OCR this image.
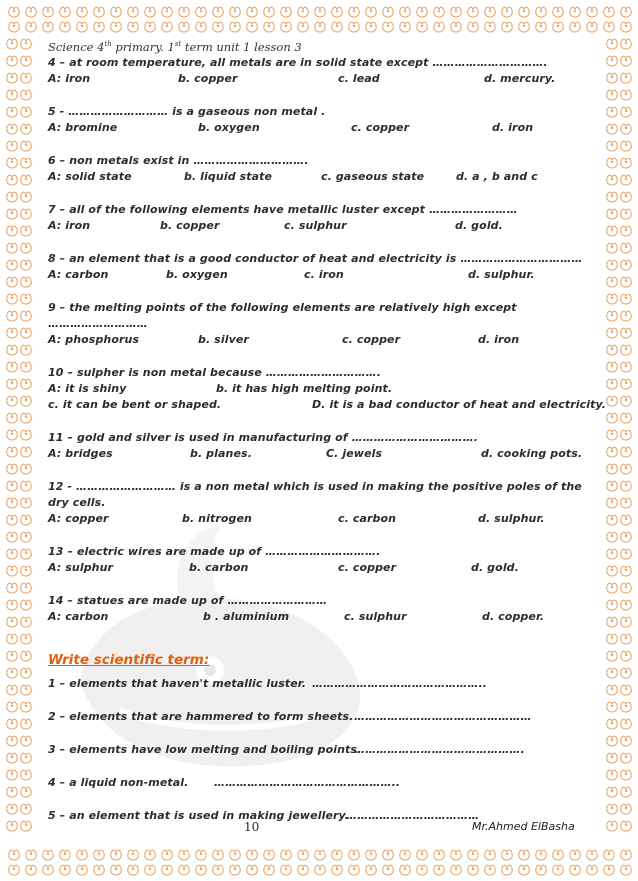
Science 4th primary. 1st term unit 1 lesson 3
4 – at room temperature, all metals are in solid state except ………………………….
A: iron	b. copper	c. lead	d. mercury.
5 - ……………………… is a gaseous non metal .
A: bromine	b. oxygen	c. copper	d. iron
6 – non metals exist in ………………………….
A: solid state	b. liquid state	c. gaseous state	d. a , b and c
7 – all of the following elements have metallic luster except ……………………
A: iron	b. copper	c. sulphur	d. gold.
8 – an element that is a good conductor of heat and electricity is ……………………………
A: carbon	b. oxygen	c. iron	d. sulphur.
9 – the melting points of the following elements are relatively high except ………………………
A: phosphorus	b. silver	c. copper	d. iron
10 – sulpher is non metal because ………………………….
A: it is shiny	b. it has high melting point.
c. it can be bent or shaped.	D. it is a bad conductor of heat and electricity.
11 – gold and silver is used in manufacturing of …………………………….
A: bridges	b. planes.	C. jewels	d. cooking pots.
12 - ……………………… is a non metal which is used in making the positive poles of the dry cells.
A: copper	b. nitrogen	c. carbon	d. sulphur.
13 – electric wires are made up of ………………………….
A: sulphur	b. carbon	c. copper	d. gold.
14 – statues are made up of ………………………
A: carbon	b . aluminium	c. sulphur	d. copper.
Write scientific term:
1 – elements that haven't metallic luster. ………………………………………..
2 – elements that are hammered to form sheets. …………………………………………
3 – elements have low melting and boiling points.
……………………………………….
4 – a liquid non-metal. …………………………………………..
5 – an element that is used in making jewellery.
………………………………
10	Mr.Ahmed ElBasha
